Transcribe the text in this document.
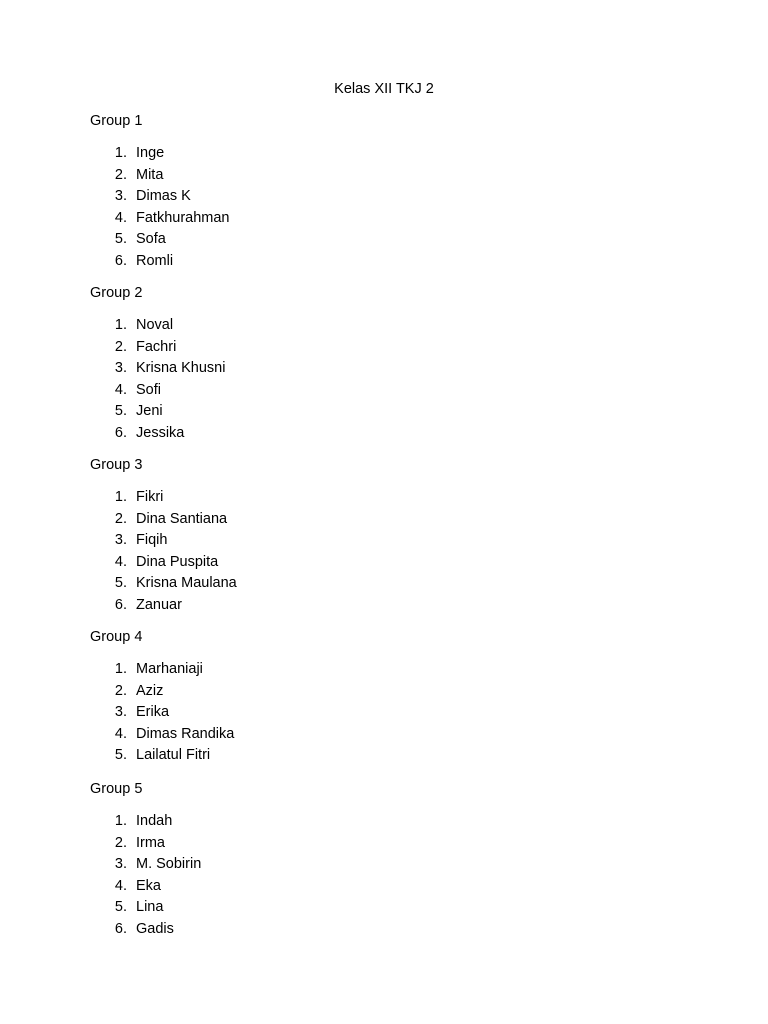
Kelas XII TKJ 2

Group 1

1. Inge
2. Mita
3. Dimas K
4. Fatkhurahman
5. Sofa
6. Romli

Group 2

1. Noval
2. Fachri
3. Krisna Khusni
4. Sofi
5. Jeni
6. Jessika

Group 3

1. Fikri
2. Dina Santiana
3. Fiqih
4. Dina Puspita
5. Krisna Maulana
6. Zanuar

Group 4

1. Marhaniaji
2. Aziz
3. Erika
4. Dimas Randika
5. Lailatul Fitri

Group 5

1. Indah
2. Irma
3. M. Sobirin
4. Eka
5. Lina
6. Gadis
